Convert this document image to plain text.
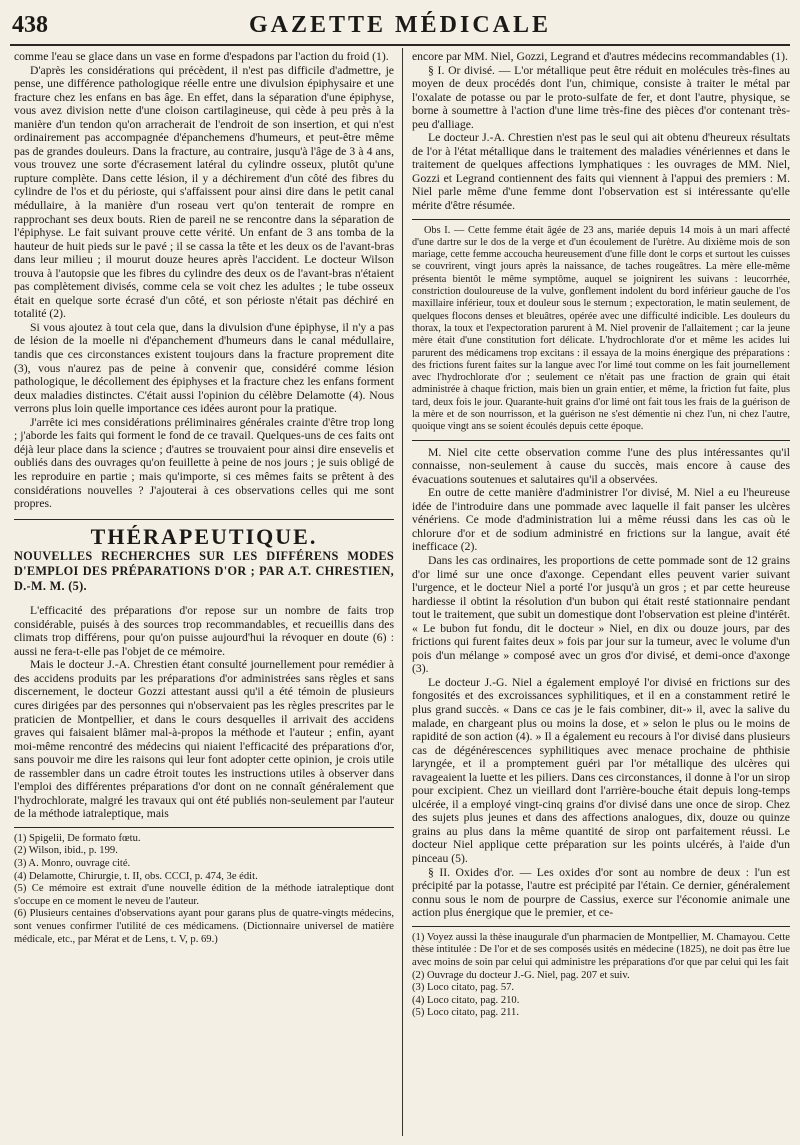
438	GAZETTE MÉDICALE

comme l'eau se glace dans un vase en forme d'espadons par l'action du froid (1).

D'après les considérations qui précèdent, il n'est pas difficile d'admettre, je pense, une différence pathologique réelle entre une divulsion épiphysaire et une fracture chez les enfans en bas âge. En effet, dans la séparation d'une épiphyse, vous avez division nette d'une cloison cartilagineuse, qui cède à peu près à la manière d'un tendon qu'on arracherait de l'endroit de son insertion, et qui n'est ordinairement pas accompagnée d'épanchemens d'humeurs, et peut-être même pas de grandes douleurs. Dans la fracture, au contraire, jusqu'à l'âge de 3 à 4 ans, vous trouvez une sorte d'écrasement latéral du cylindre osseux, plutôt qu'une rupture complète. Dans cette lésion, il y a déchirement d'un côté des fibres du cylindre de l'os et du périoste, qui s'affaissent pour ainsi dire dans le petit canal médullaire, à la manière d'un roseau vert qu'on tenterait de rompre en rapprochant ses deux bouts. Rien de pareil ne se rencontre dans la séparation de l'épiphyse. Le fait suivant prouve cette vérité. Un enfant de 3 ans tomba de la hauteur de huit pieds sur le pavé ; il se cassa la tête et les deux os de l'avant-bras dans leur milieu ; il mourut douze heures après l'accident. Le docteur Wilson trouva à l'autopsie que les fibres du cylindre des deux os de l'avant-bras n'étaient pas complètement divisés, comme cela se voit chez les adultes ; le tube osseux était en quelque sorte écrasé d'un côté, et son périoste n'était pas déchiré en totalité (2).

Si vous ajoutez à tout cela que, dans la divulsion d'une épiphyse, il n'y a pas de lésion de la moelle ni d'épanchement d'humeurs dans le canal médullaire, tandis que ces circonstances existent toujours dans la fracture proprement dite (3), vous n'aurez pas de peine à convenir que, considéré comme lésion pathologique, le décollement des épiphyses et la fracture chez les enfans forment deux maladies distinctes. C'était aussi l'opinion du célèbre Delamotte (4). Nous verrons plus loin quelle importance ces idées auront pour la pratique.

J'arrête ici mes considérations préliminaires générales crainte d'être trop long ; j'aborde les faits qui forment le fond de ce travail. Quelques-uns de ces faits ont déjà leur place dans la science ; d'autres se trouvaient pour ainsi dire ensevelis et oubliés dans des ouvrages qu'on feuillette à peine de nos jours ; je suis obligé de les reproduire en partie ; mais qu'importe, si ces mêmes faits se prêtent à des considérations nouvelles ? J'ajouterai à ces observations celles qui me sont propres.

THÉRAPEUTIQUE.

NOUVELLES RECHERCHES SUR LES DIFFÉRENS MODES D'EMPLOI DES PRÉPARATIONS D'OR ; PAR A.T. CHRESTIEN, D.-M. M. (5).

L'efficacité des préparations d'or repose sur un nombre de faits trop considérable, puisés à des sources trop recommandables, et recueillis dans des climats trop différens, pour qu'on puisse aujourd'hui la révoquer en doute (6) : aussi ne fera-t-elle pas l'objet de ce mémoire.

Mais le docteur J.-A. Chrestien étant consulté journellement pour remédier à des accidens produits par les préparations d'or administrées sans règles et sans discernement, le docteur Gozzi attestant aussi qu'il a été témoin de plusieurs cures dirigées par des personnes qui n'observaient pas les règles prescrites par le praticien de Montpellier, et dans le cours desquelles il arrivait des accidens graves qui faisaient blâmer mal-à-propos la méthode et l'auteur ; enfin, ayant moi-même rencontré des médecins qui niaient l'efficacité des préparations d'or, sans pouvoir me dire les raisons qui leur font adopter cette opinion, je crois utile de rassembler dans un cadre étroit toutes les instructions utiles à observer dans l'emploi des différentes préparations d'or dont on ne connaît généralement que l'hydrochlorate, malgré les travaux qui ont été publiés non-seulement par l'auteur de la méthode iatraleptique, mais

(1) Spigelii, De formato fœtu.

(2) Wilson, ibid., p. 199.

(3) A. Monro, ouvrage cité.

(4) Delamotte, Chirurgie, t. II, obs. CCCI, p. 474, 3e édit.

(5) Ce mémoire est extrait d'une nouvelle édition de la méthode iatraleptique dont s'occupe en ce moment le neveu de l'auteur.

(6) Plusieurs centaines d'observations ayant pour garans plus de quatre-vingts médecins, sont venues confirmer l'utilité de ces médicamens. (Dictionnaire universel de matière médicale, etc., par Mérat et de Lens, t. V, p. 69.)

encore par MM. Niel, Gozzi, Legrand et d'autres médecins recommandables (1).

§ I. Or divisé. — L'or métallique peut être réduit en molécules très-fines au moyen de deux procédés dont l'un, chimique, consiste à traiter le métal par l'oxalate de potasse ou par le proto-sulfate de fer, et dont l'autre, physique, se borne à soumettre à l'action d'une lime très-fine des pièces d'or contenant très-peu d'alliage.

Le docteur J.-A. Chrestien n'est pas le seul qui ait obtenu d'heureux résultats de l'or à l'état métallique dans le traitement des maladies vénériennes et dans le traitement de quelques affections lymphatiques : les ouvrages de MM. Niel, Gozzi et Legrand contiennent des faits qui viennent à l'appui des premiers : M. Niel parle même d'une femme dont l'observation est si intéressante qu'elle mérite d'être résumée.

Obs I. — Cette femme était âgée de 23 ans, mariée depuis 14 mois à un mari affecté d'une dartre sur le dos de la verge et d'un écoulement de l'urètre. Au dixième mois de son mariage, cette femme accoucha heureusement d'une fille dont le corps et surtout les cuisses se couvrirent, vingt jours après la naissance, de taches rougeâtres. La mère elle-même présenta bientôt le même symptôme, auquel se joignirent les suivans : leucorrhée, constriction douloureuse de la vulve, gonflement indolent du bord inférieur gauche de l'os maxillaire inférieur, toux et douleur sous le sternum ; expectoration, le matin seulement, de quelques flocons denses et bleuâtres, opérée avec une difficulté indicible. Les douleurs du thorax, la toux et l'expectoration parurent à M. Niel provenir de l'allaitement ; car la jeune mère était d'une constitution fort délicate. L'hydrochlorate d'or et même les acides lui parurent des médicamens trop excitans : il essaya de la moins énergique des préparations : des frictions furent faites sur la langue avec l'or limé tout comme on les fait journellement avec l'hydrochlorate d'or ; seulement ce n'était pas une fraction de grain qui était administrée à chaque friction, mais bien un grain entier, et même, la friction fut faite, plus tard, deux fois le jour. Quarante-huit grains d'or limé ont fait tous les frais de la guérison de la mère et de son nourrisson, et la guérison ne s'est démentie ni chez l'un, ni chez l'autre, quoique vingt ans se soient écoulés depuis cette époque.

M. Niel cite cette observation comme l'une des plus intéressantes qu'il connaisse, non-seulement à cause du succès, mais encore à cause des évacuations soutenues et salutaires qu'il a observées.

En outre de cette manière d'administrer l'or divisé, M. Niel a eu l'heureuse idée de l'introduire dans une pommade avec laquelle il fait panser les ulcères vénériens. Ce mode d'administration lui a même réussi dans les cas où le chlorure d'or et de sodium administré en frictions sur la langue, avait été inefficace (2).

Dans les cas ordinaires, les proportions de cette pommade sont de 12 grains d'or limé sur une once d'axonge. Cependant elles peuvent varier suivant l'urgence, et le docteur Niel a porté l'or jusqu'à un gros ; et par cette heureuse hardiesse il obtint la résolution d'un bubon qui était resté stationnaire pendant tout le traitement, que subit un domestique dont l'observation est pleine d'intérêt. « Le bubon fut fondu, dit le docteur » Niel, en dix ou douze jours, par des frictions qui furent faites deux » fois par jour sur la tumeur, avec le volume d'un pois d'un mélange » composé avec un gros d'or divisé, et demi-once d'axonge (3).

Le docteur J.-G. Niel a également employé l'or divisé en frictions sur des fongosités et des excroissances syphilitiques, et il en a constamment retiré le plus grand succès. « Dans ce cas je le fais combiner, dit-» il, avec la salive du malade, en chargeant plus ou moins la dose, et » selon le plus ou le moins de rapidité de son action (4). » Il a également eu recours à l'or divisé dans plusieurs cas de dégénérescences syphilitiques avec menace prochaine de phthisie laryngée, et il a promptement guéri par l'or métallique des ulcères qui ravageaient la luette et les piliers. Dans ces circonstances, il donne à l'or un sirop pour excipient. Chez un vieillard dont l'arrière-bouche était depuis long-temps ulcérée, il a employé vingt-cinq grains d'or divisé dans une once de sirop. Chez des sujets plus jeunes et dans des affections analogues, dix, douze ou quinze grains au plus dans la même quantité de sirop ont parfaitement réussi. Le docteur Niel applique cette préparation sur les points ulcérés, à l'aide d'un pinceau (5).

§ II. Oxides d'or. — Les oxides d'or sont au nombre de deux : l'un est précipité par la potasse, l'autre est précipité par l'étain. Ce dernier, généralement connu sous le nom de pourpre de Cassius, exerce sur l'économie animale une action plus énergique que le premier, et ce-

(1) Voyez aussi la thèse inaugurale d'un pharmacien de Montpellier, M. Chamayou. Cette thèse intitulée : De l'or et de ses composés usités en médecine (1825), ne doit pas être lue avec moins de soin par celui qui administre les préparations d'or que par celui qui les fait

(2) Ouvrage du docteur J.-G. Niel, pag. 207 et suiv.

(3) Loco citato, pag. 57.

(4) Loco citato, pag. 210.

(5) Loco citato, pag. 211.
